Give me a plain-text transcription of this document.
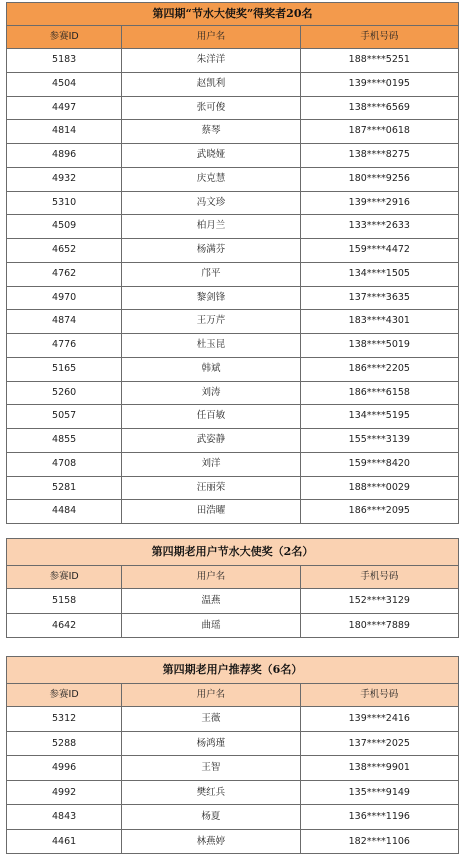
第四期“节水大使奖”得奖者20名		
参赛ID	用户名	手机号码
5183	朱洋洋	188****5251
4504	赵凯利	139****0195
4497	张可俊	138****6569
4814	蔡琴	187****0618
4896	武晓娅	138****8275
4932	庆克慧	180****9256
5310	冯文珍	139****2916
4509	柏月兰	133****2633
4652	杨满芬	159****4472
4762	邝平	134****1505
4970	黎剑锋	137****3635
4874	王万芹	183****4301
4776	杜玉昆	138****5019
5165	韩斌	186****2205
5260	刘涛	186****6158
5057	任百敏	134****5195
4855	武姿静	155****3139
4708	刘洋	159****8420
5281	汪丽荣	188****0029
4484	田浩曜	186****2095
第四期老用户节水大使奖（2名）		
参赛ID	用户名	手机号码
5158	温燕	152****3129
4642	曲瑶	180****7889
第四期老用户推荐奖（6名）		
参赛ID	用户名	手机号码
5312	王薇	139****2416
5288	杨鸿瑾	137****2025
4996	王智	138****9901
4992	樊红兵	135****9149
4843	杨夏	136****1196
4461	林燕婷	182****1106
